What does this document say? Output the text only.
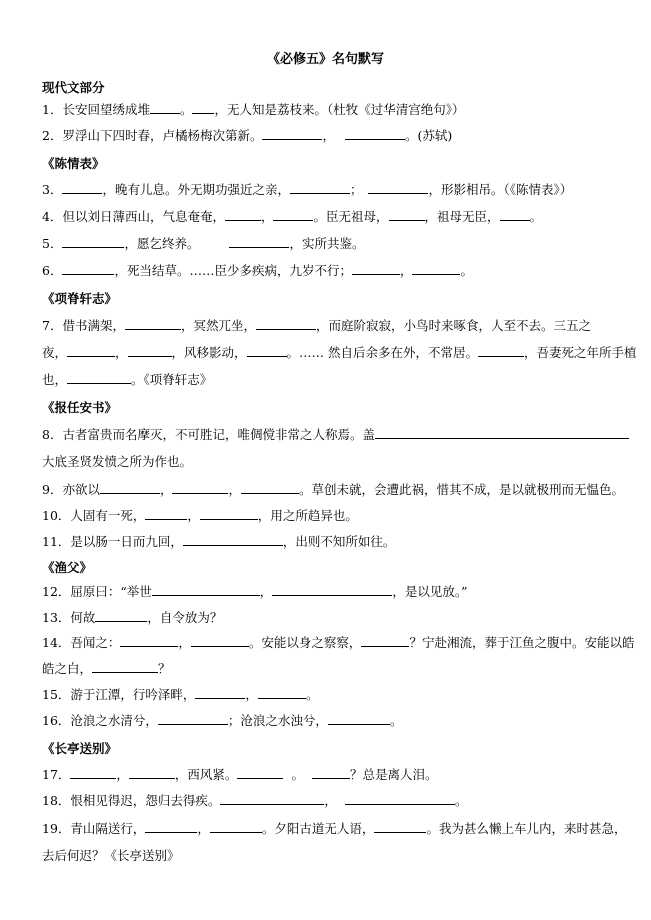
《必修五》名句默写
现代文部分
1．长安回望绣成堆 。 ，无人知是荔枝来。（杜牧《过华清宫绝句》）
2．罗浮山下四时春，卢橘杨梅次第新。	，	。(苏轼)
《陈情表》
3．	，晚有儿息。外无期功强近之亲，	；	，形影相吊。（《陈情表》）
4．但以刘日薄西山，气息奄奄，	，	。臣无祖母，	，祖母无臣， 。
5．	，愿乞终养。	，实所共鉴。
6．	，死当结草。……臣少多疾病，九岁不行；	，	。
《项脊轩志》
7．借书满架，	，冥然兀坐，	，而庭阶寂寂，小鸟时来啄食，人至不去。三五之
夜，	，	，风移影动，	。…… 然自后余多在外，不常居。	，吾妻死之年所手植
也，	。《项脊轩志》
《报任安书》
8．古者富贵而名摩灭，不可胜记，唯倜傥非常之人称焉。盖
大底圣贤发愤之所为作也。
9．亦欲以	，	，	。草创未就，会遭此祸，惜其不成，是以就极刑而无愠色。
10．人固有一死，	，	，用之所趋异也。
11．是以肠一日而九回，	，出则不知所如往。
《渔父》
12．屈原曰：“举世	，	，是以见放。”
13．何故	，自令放为？
14．吾闻之：	，	。安能以身之察察，	？宁赴湘流，葬于江鱼之腹中。安能以皓
皓之白，	？
15．游于江潭，行吟泽畔，	，	。
16．沧浪之水清兮，	；沧浪之水浊兮，	。
《长亭送别》
17．	，	，西风紧。	。	？总是离人泪。
18．恨相见得迟，怨归去得疾。	，	。
19．青山隔送行，	，	。夕阳古道无人语，	。我为甚么懒上车儿内，来时甚急，
去后何迟？《长亭送别》
